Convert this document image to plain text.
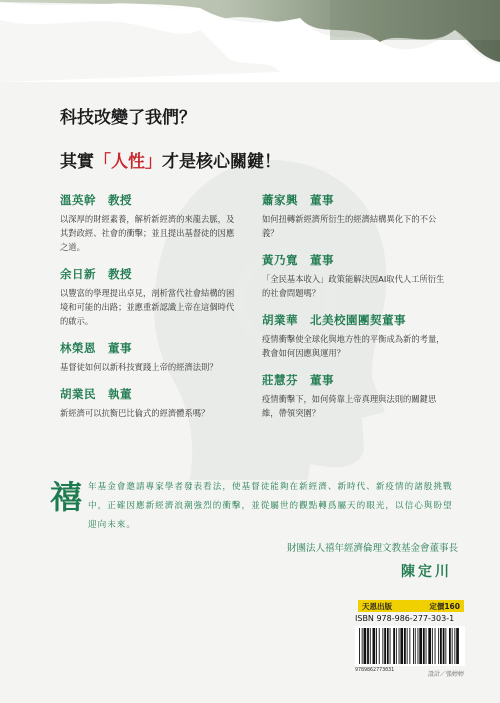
科技改變了我們？
其實「人性」才是核心關鍵！
溫英幹　教授
以深厚的財經素養，解析新經濟的來龍去脈，及其對政經、社會的衝擊；並且提出基督徒的因應之道。
余日新　教授
以豐富的學理提出卓見，剖析當代社會結構的困境和可能的出路；並應重新認識上帝在這個時代的啟示。
林榮恩　董事
基督徒如何以新科技實踐上帝的經濟法則？
胡業民　執董
新經濟可以抗衡巴比倫式的經濟體系嗎？
蕭家興　董事
如何扭轉新經濟所衍生的經濟結構異化下的不公義？
黃乃寬　董事
「全民基本收入」政策能解決因AI取代人工所衍生的社會問題嗎？
胡業華　北美校園團契董事
疫情衝擊使全球化與地方性的平衡成為新的考量，教會如何因應與運用？
莊慧芬　董事
疫情衝擊下，如何倚靠上帝真理與法則的關鍵思維，帶領突圍？
禧 年基金會邀請專家學者發表看法，使基督徒能夠在新經濟、新時代、新疫情的諸般挑戰中，正確因應新經濟浪潮強烈的衝擊，並從屬世的觀點轉爲屬天的眼光，以信心與盼望迎向未來。
財團法人禧年經濟倫理文教基金會董事長
陳定川
天恩出版	定價160
ISBN 978-986-277-303-1
9789862773031
設計／張婷婷
